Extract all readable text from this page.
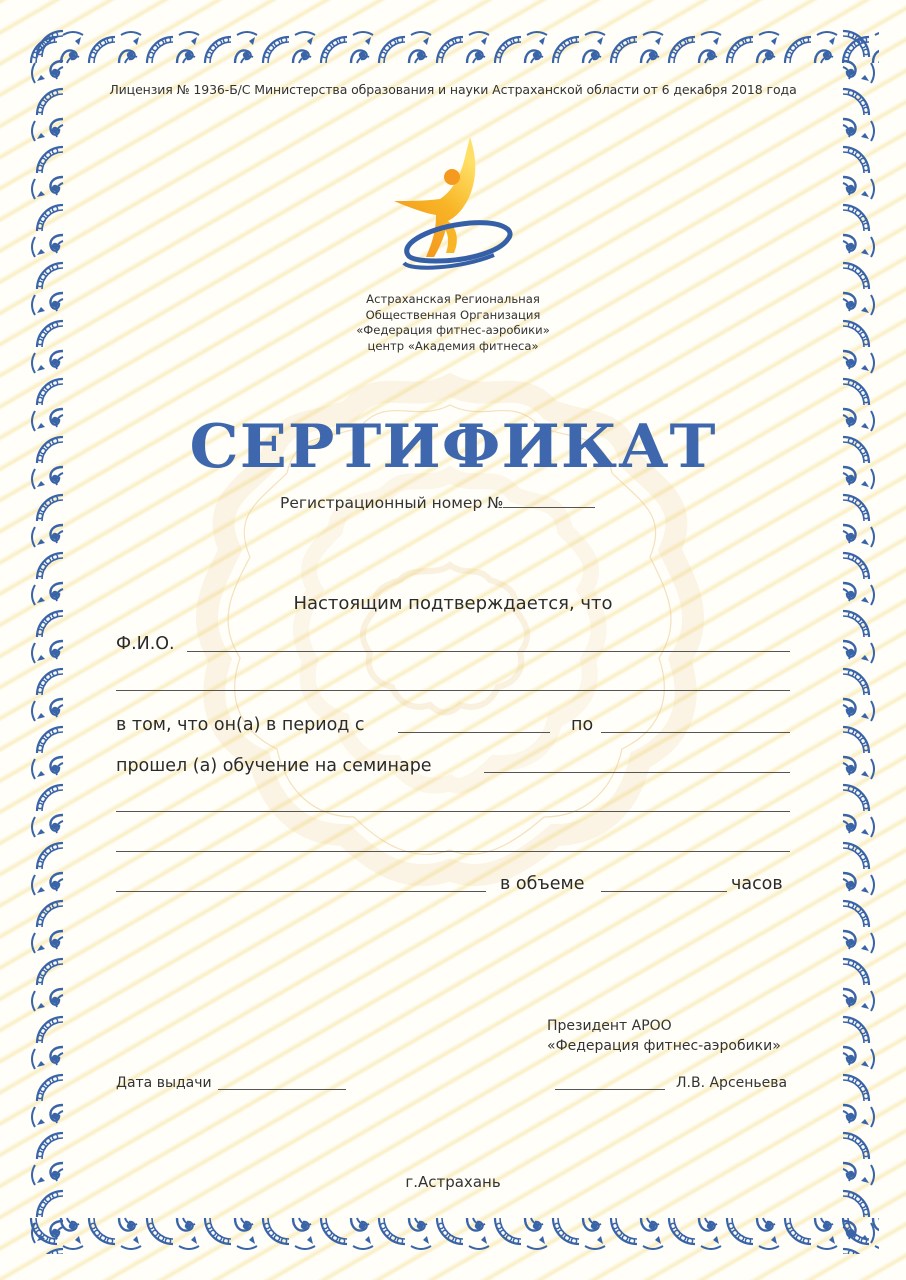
Лицензия № 1936-Б/С Министерства образования и науки Астраханской области от 6 декабря 2018 года
Астраханская Региональная
Общественная Организация
«Федерация фитнес-аэробики»
центр «Академия фитнеса»
СЕРТИФИКАТ
Регистрационный номер №
Настоящим подтверждается, что
Ф.И.О.
в том, что он(а) в период с	по
прошел (а) обучение на семинаре
в объеме	часов
Президент АРОО
«Федерация фитнес-аэробики»
Дата выдачи	Л.В. Арсеньева
г.Астрахань
